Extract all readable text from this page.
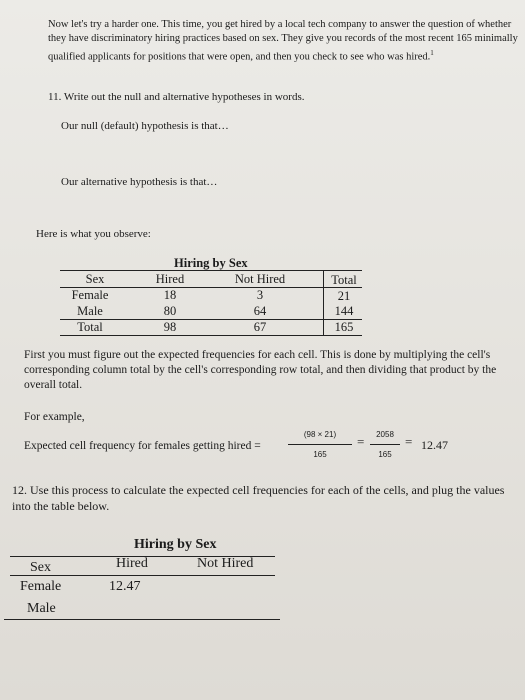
Now let's try a harder one. This time, you get hired by a local tech company to answer the question of whether they have discriminatory hiring practices based on sex. They give you records of the most recent 165 minimally qualified applicants for positions that were open, and then you check to see who was hired.$^1$
11. Write out the null and alternative hypotheses in words.
Our null (default) hypothesis is that…
Our alternative hypothesis is that…
Here is what you observe:
Hiring by Sex
Sex	Hired	Not Hired	Total
Female	18	3	21
Male	80	64	144
Total	98	67	165
First you must figure out the expected frequencies for each cell. This is done by multiplying the cell's corresponding column total by the cell's corresponding row total, and then dividing that product by the overall total.
For example,
Expected cell frequency for females getting hired =
(98 × 21)
165
=	2058
165
= 12.47
12. Use this process to calculate the expected cell frequencies for each of the cells, and plug the values into the table below.
Hiring by Sex
Sex	Hired	Not Hired
Female	12.47
Male
